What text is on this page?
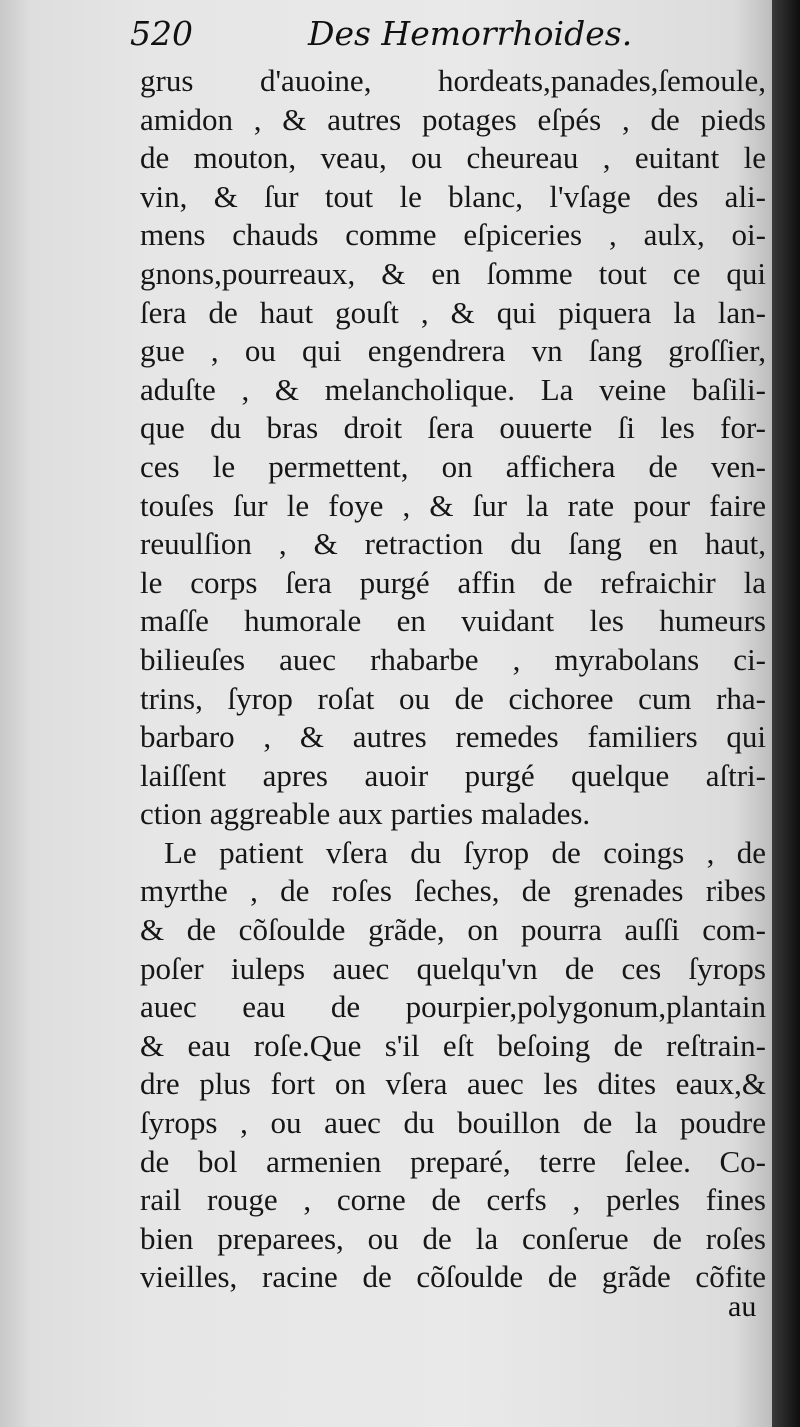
520	Des Hemorrhoides.
grus d'auoine, hordeats,panades,ſemoule,
amidon , & autres potages eſpés , de pieds
de mouton, veau, ou cheureau , euitant le
vin, & ſur tout le blanc, l'vſage des ali-
mens chauds comme eſpiceries , aulx, oi-
gnons,pourreaux, & en ſomme tout ce qui
ſera de haut gouſt , & qui piquera la lan-
gue , ou qui engendrera vn ſang groſſier,
aduſte , & melancholique. La veine baſili-
que du bras droit ſera ouuerte ſi les for-
ces le permettent, on affichera de ven-
touſes ſur le foye , & ſur la rate pour faire
reuulſion , & retraction du ſang en haut,
le corps ſera purgé affin de refraichir la
maſſe humorale en vuidant les humeurs
bilieuſes auec rhabarbe , myrabolans ci-
trins, ſyrop roſat ou de cichoree cum rha-
barbaro , & autres remedes familiers qui
laiſſent apres auoir purgé quelque aſtri-
ction aggreable aux parties malades.
Le patient vſera du ſyrop de coings , de
myrthe , de roſes ſeches, de grenades ribes
& de cõſoulde grãde, on pourra auſſi com-
poſer iuleps auec quelqu'vn de ces ſyrops
auec eau de pourpier,polygonum,plantain
& eau roſe.Que s'il eſt beſoing de reſtrain-
dre plus fort on vſera auec les dites eaux,&
ſyrops , ou auec du bouillon de la poudre
de bol armenien preparé, terre ſelee. Co-
rail rouge , corne de cerfs , perles fines
bien preparees, ou de la conſerue de roſes
vieilles, racine de cõſoulde de grãde cõfite
au
